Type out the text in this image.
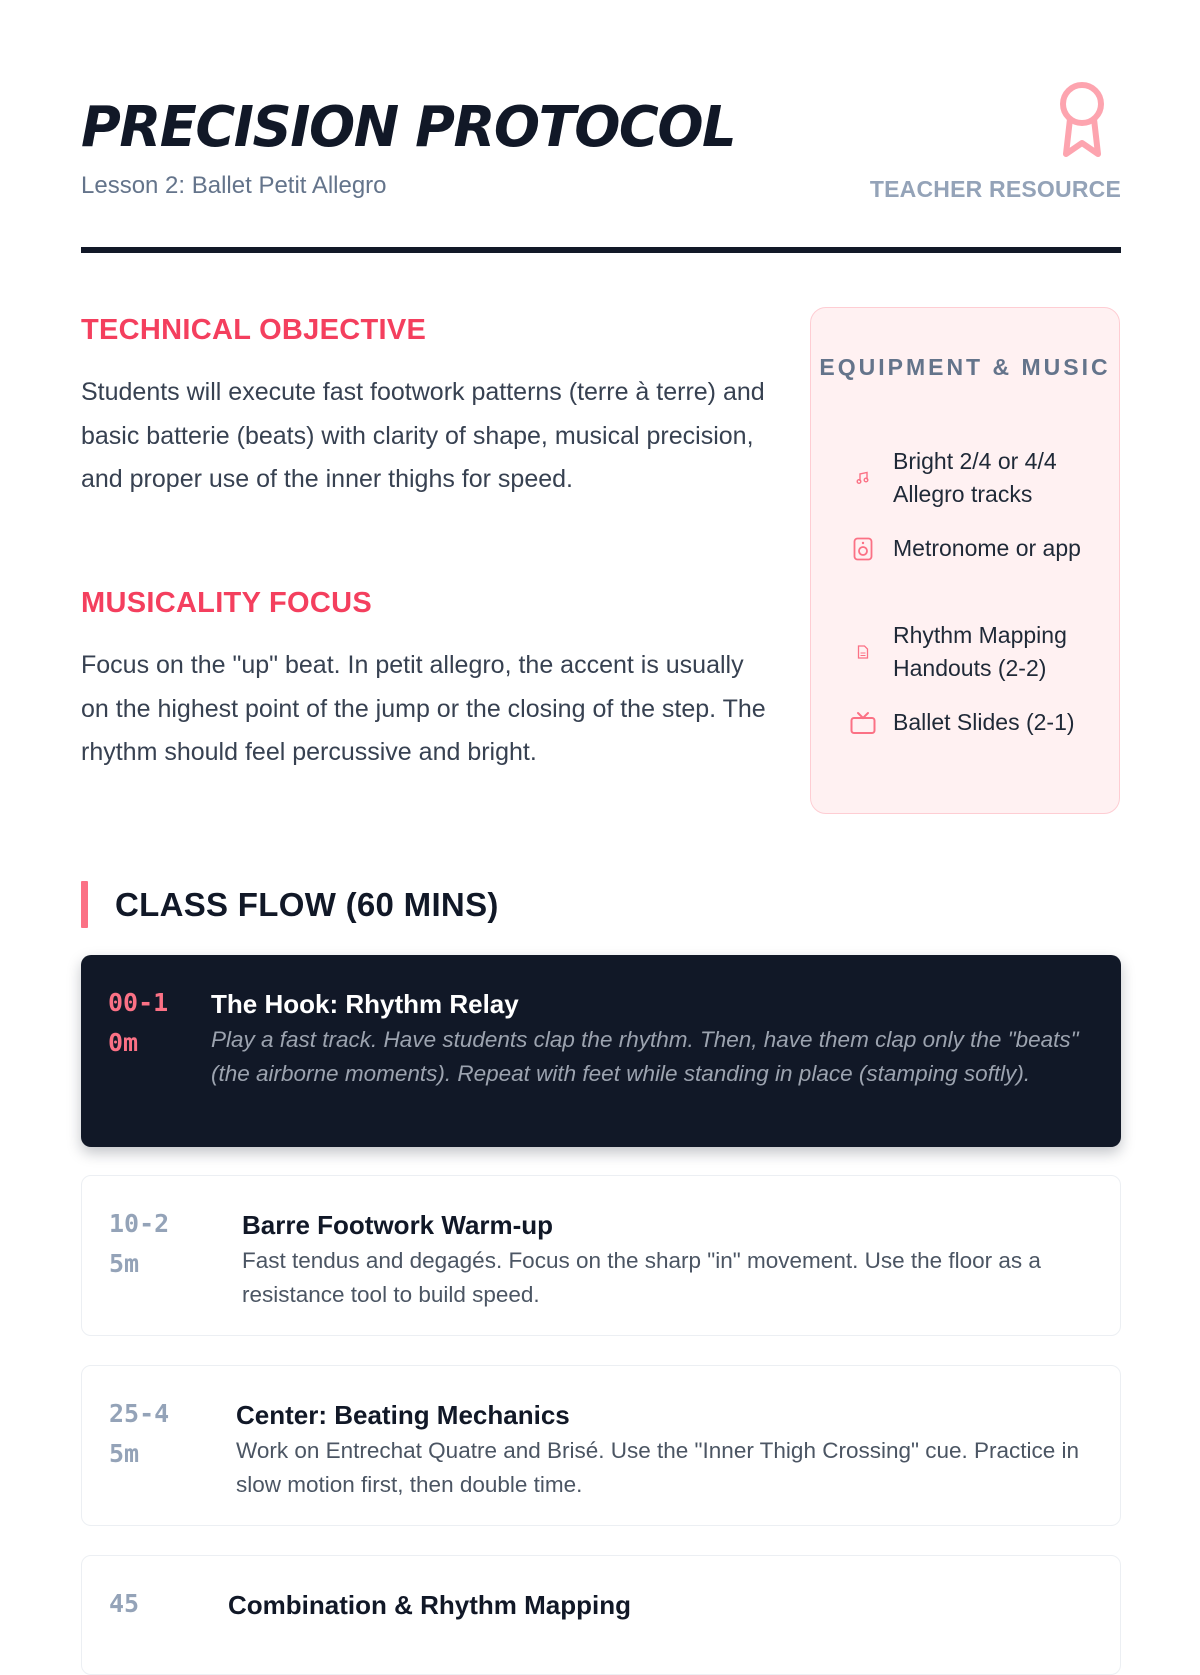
PRECISION PROTOCOL
Lesson 2: Ballet Petit Allegro	TEACHER RESOURCE
TECHNICAL OBJECTIVE

Students will execute fast footwork patterns (terre à terre) and basic batterie (beats) with clarity of shape, musical precision, and proper use of the inner thighs for speed.

MUSICALITY FOCUS

Focus on the "up" beat. In petit allegro, the accent is usually on the highest point of the jump or the closing of the step. The rhythm should feel percussive and bright.

EQUIPMENT & MUSIC
Bright 2/4 or 4/4 Allegro tracks
Metronome or app
Rhythm Mapping Handouts (2-2)
Ballet Slides (2-1)
CLASS FLOW (60 MINS)
00-10m
The Hook: Rhythm Relay
Play a fast track. Have students clap the rhythm. Then, have them clap only the "beats" (the airborne moments). Repeat with feet while standing in place (stamping softly).
10-25m
Barre Footwork Warm-up
Fast tendus and degagés. Focus on the sharp "in" movement. Use the floor as a resistance tool to build speed.
25-45m
Center: Beating Mechanics
Work on Entrechat Quatre and Brisé. Use the "Inner Thigh Crossing" cue. Practice in slow motion first, then double time.
45	Combination & Rhythm Mapping
